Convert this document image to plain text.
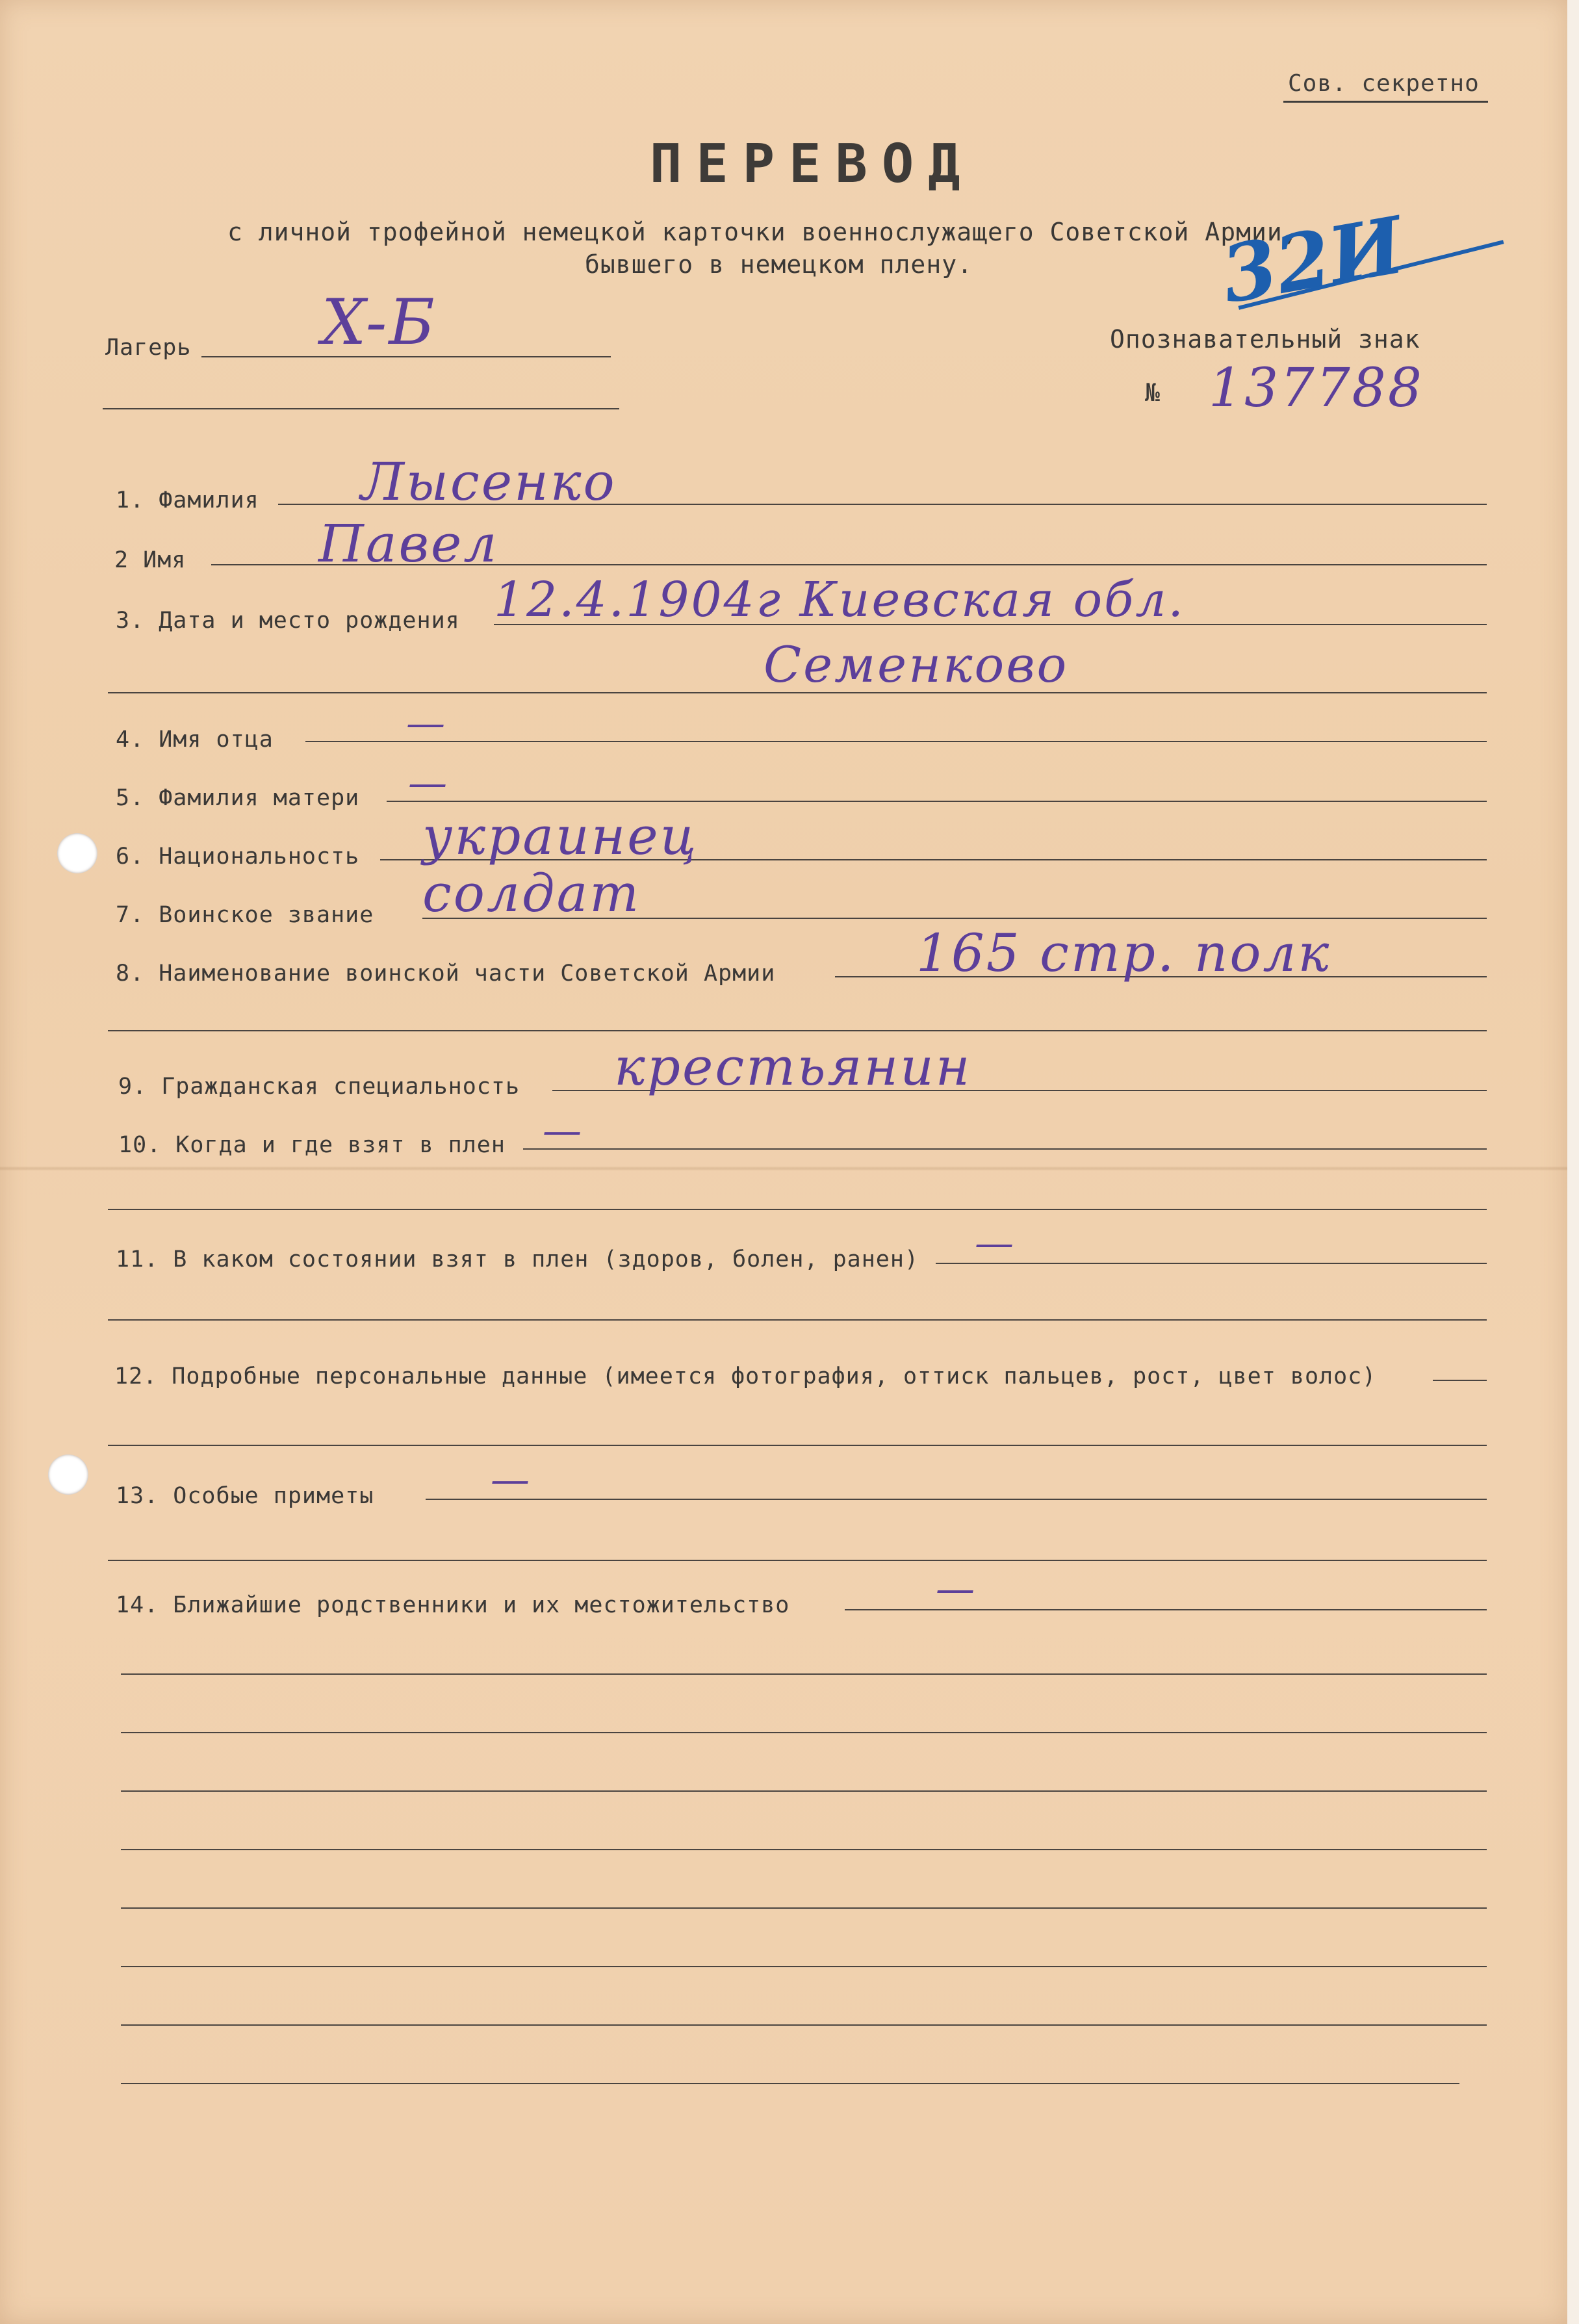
Сов. секретно
ПЕРЕВОД
с личной трофейной немецкой карточки военнослужащего Советской Армии,
бывшего в немецком плену.	32И
Лагерь X-Б	Опознавательный знак
№ 137788
1. Фамилия Лысенко
2 Имя	Павел
3. Дата и место рождения 12.4.1904г Киевская обл.
Семенково
4. Имя отца	—
5. Фамилия матери —
6. Национальность украинец
7. Воинское звание солдат
8. Наименование воинской части Советской Армии	165 стр. полк
9. Гражданская специальность крестьянин
10. Когда и где взят в плен —
11. В каком состоянии взят в плен (здоров, болен, ранен) —
12. Подробные персональные данные (имеется фотография, оттиск пальцев, рост, цвет волос)
13. Особые приметы	—
14. Ближайшие родственники и их местожительство	—
